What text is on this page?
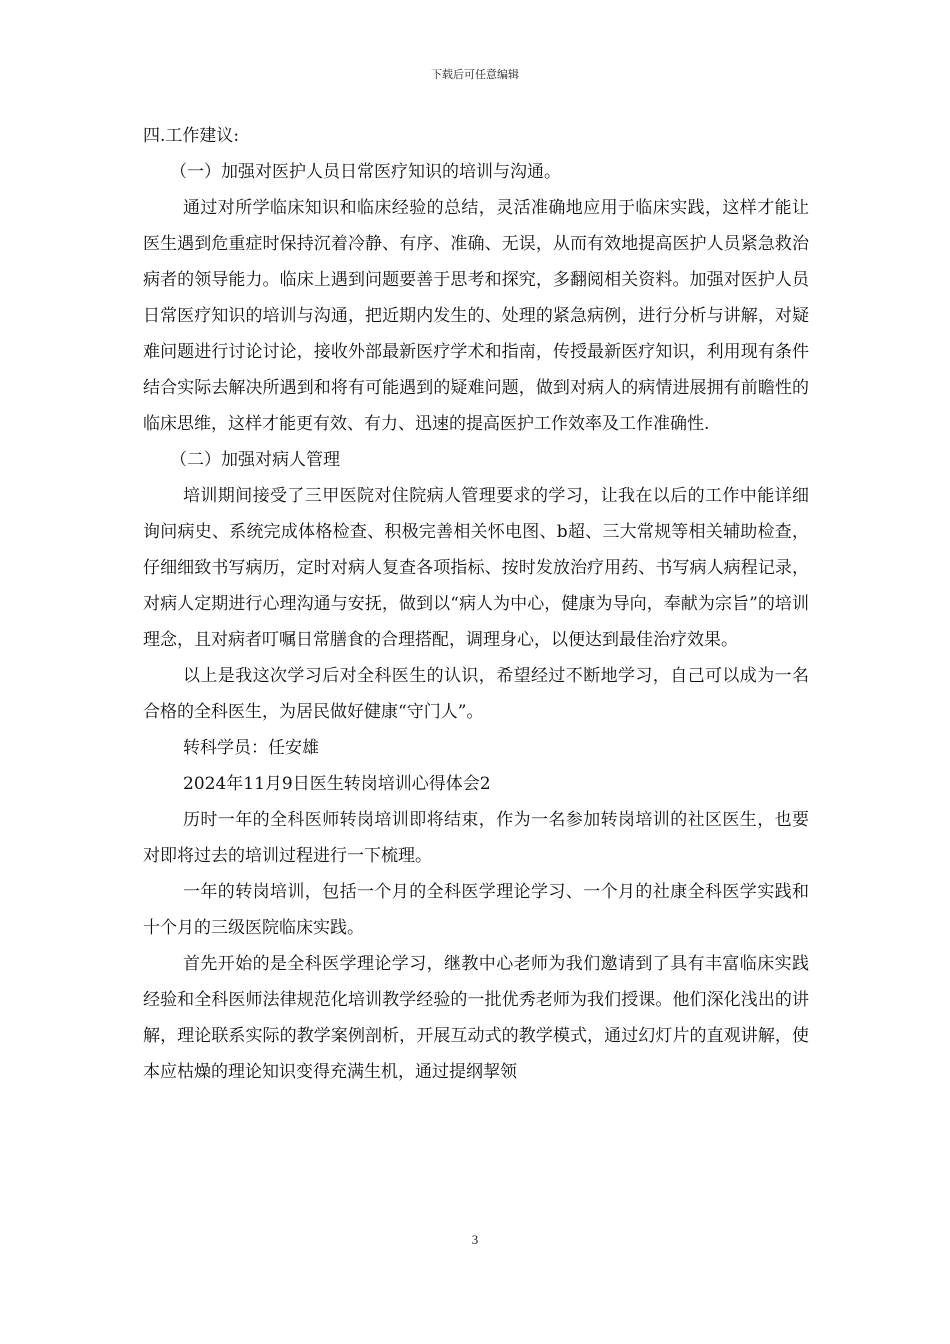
下载后可任意编辑

四.工作建议:

（一）加强对医护人员日常医疗知识的培训与沟通。

通过对所学临床知识和临床经验的总结，灵活准确地应用于临床实践，这样才能让医生遇到危重症时保持沉着冷静、有序、准确、无误，从而有效地提高医护人员紧急救治病者的领导能力。临床上遇到问题要善于思考和探究，多翻阅相关资料。加强对医护人员日常医疗知识的培训与沟通，把近期内发生的、处理的紧急病例，进行分析与讲解，对疑难问题进行讨论讨论，接收外部最新医疗学术和指南，传授最新医疗知识，利用现有条件结合实际去解决所遇到和将有可能遇到的疑难问题，做到对病人的病情进展拥有前瞻性的临床思维，这样才能更有效、有力、迅速的提高医护工作效率及工作准确性.

（二）加强对病人管理

培训期间接受了三甲医院对住院病人管理要求的学习，让我在以后的工作中能详细询问病史、系统完成体格检查、积极完善相关怀电图、b超、三大常规等相关辅助检查，仔细细致书写病历，定时对病人复查各项指标、按时发放治疗用药、书写病人病程记录，对病人定期进行心理沟通与安抚，做到以“病人为中心，健康为导向，奉献为宗旨”的培训理念，且对病者叮嘱日常膳食的合理搭配，调理身心，以便达到最佳治疗效果。

以上是我这次学习后对全科医生的认识，希望经过不断地学习，自己可以成为一名合格的全科医生，为居民做好健康“守门人”。

转科学员：任安雄

2024年11月9日医生转岗培训心得体会2

历时一年的全科医师转岗培训即将结束，作为一名参加转岗培训的社区医生，也要对即将过去的培训过程进行一下梳理。

一年的转岗培训，包括一个月的全科医学理论学习、一个月的社康全科医学实践和十个月的三级医院临床实践。

首先开始的是全科医学理论学习，继教中心老师为我们邀请到了具有丰富临床实践经验和全科医师法律规范化培训教学经验的一批优秀老师为我们授课。他们深化浅出的讲解，理论联系实际的教学案例剖析，开展互动式的教学模式，通过幻灯片的直观讲解，使本应枯燥的理论知识变得充满生机，通过提纲挈领

3
